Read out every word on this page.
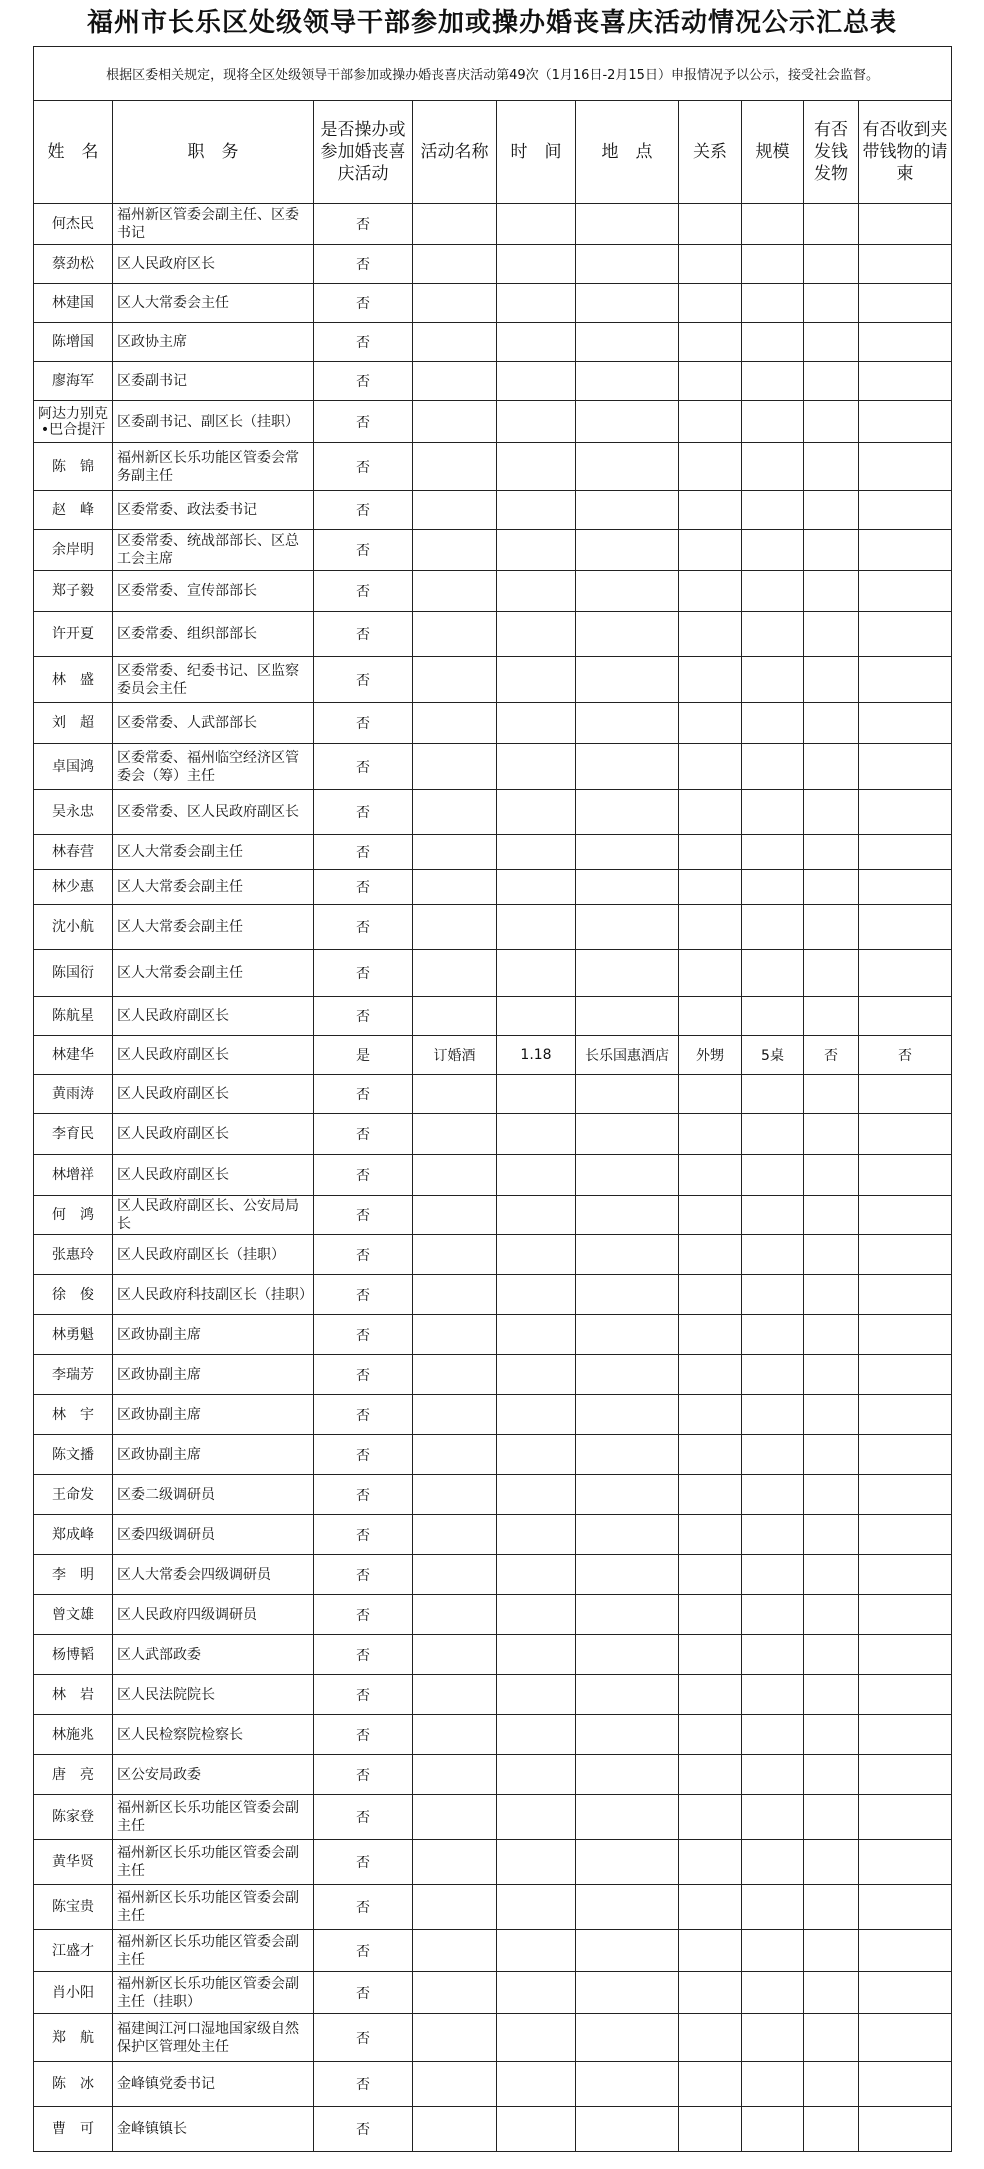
福州市长乐区处级领导干部参加或操办婚丧喜庆活动情况公示汇总表
根据区委相关规定，现将全区处级领导干部参加或操办婚丧喜庆活动第49次（1月16日-2月15日）申报情况予以公示，接受社会监督。									
姓　名	职　务	是否操办或参加婚丧喜庆活动	活动名称	时　间	地　点	关系	规模	有否发钱发物	有否收到夹带钱物的请柬
何杰民	福州新区管委会副主任、区委书记	否							
蔡劲松	区人民政府区长	否							
林建国	区人大常委会主任	否							
陈增国	区政协主席	否							
廖海军	区委副书记	否							
阿达力别克•巴合提汗	区委副书记、副区长（挂职）	否							
陈　锦	福州新区长乐功能区管委会常务副主任	否							
赵　峰	区委常委、政法委书记	否							
余岸明	区委常委、统战部部长、区总工会主席	否							
郑子毅	区委常委、宣传部部长	否							
许开夏	区委常委、组织部部长	否							
林　盛	区委常委、纪委书记、区监察委员会主任	否							
刘　超	区委常委、人武部部长	否							
卓国鸿	区委常委、福州临空经济区管委会（筹）主任	否							
吴永忠	区委常委、区人民政府副区长	否							
林春营	区人大常委会副主任	否							
林少惠	区人大常委会副主任	否							
沈小航	区人大常委会副主任	否							
陈国衍	区人大常委会副主任	否							
陈航星	区人民政府副区长	否							
林建华	区人民政府副区长	是	订婚酒	1.18	长乐国惠酒店	外甥	5桌	否	否
黄雨涛	区人民政府副区长	否							
李育民	区人民政府副区长	否							
林增祥	区人民政府副区长	否							
何　鸿	区人民政府副区长、公安局局长	否							
张惠玲	区人民政府副区长（挂职）	否							
徐　俊	区人民政府科技副区长（挂职）	否							
林勇魁	区政协副主席	否							
李瑞芳	区政协副主席	否							
林　宇	区政协副主席	否							
陈文播	区政协副主席	否							
王命发	区委二级调研员	否							
郑成峰	区委四级调研员	否							
李　明	区人大常委会四级调研员	否							
曾文雄	区人民政府四级调研员	否							
杨博韬	区人武部政委	否							
林　岩	区人民法院院长	否							
林施兆	区人民检察院检察长	否							
唐　亮	区公安局政委	否							
陈家登	福州新区长乐功能区管委会副主任	否							
黄华贤	福州新区长乐功能区管委会副主任	否							
陈宝贵	福州新区长乐功能区管委会副主任	否							
江盛才	福州新区长乐功能区管委会副主任	否							
肖小阳	福州新区长乐功能区管委会副主任（挂职）	否							
郑　航	福建闽江河口湿地国家级自然保护区管理处主任	否							
陈　冰	金峰镇党委书记	否							
曹　可	金峰镇镇长	否							
